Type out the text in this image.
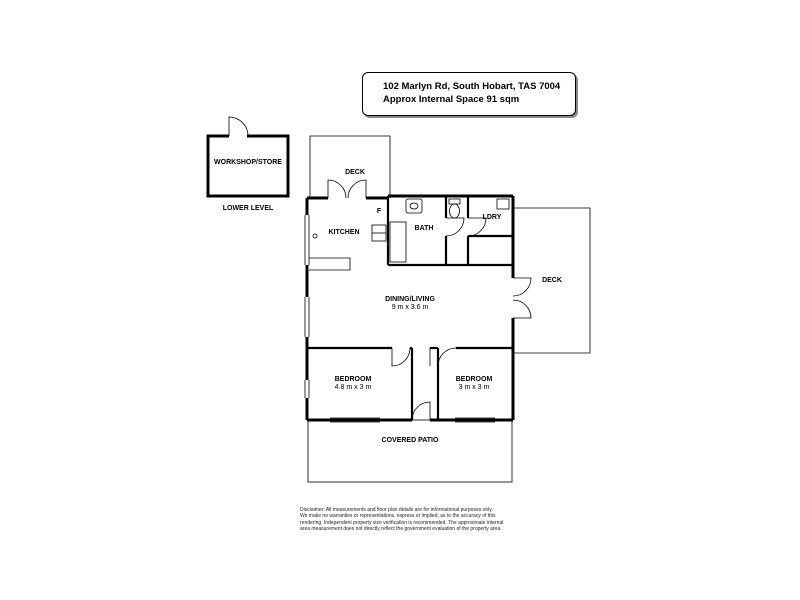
102 Marlyn Rd, South Hobart, TAS 7004
Approx Internal Space 91 sqm
WORKSHOP/STORE
LOWER LEVEL
DECK
KITCHEN
F
BATH
LDRY
DECK
DINING/LIVING
9 m x 3.6 m
BEDROOM
4.8 m x 3 m
BEDROOM
3 m x 3 m
COVERED PATIO
Disclaimer: All measurements and floor plan details are for informational purposes only.
We make no warranties or representations, express or implied, as to the accuracy of this
rendering. Independent property size verification is recommended. The approximate internal
area measurement does not directly reflect the government evaluation of the property area.
